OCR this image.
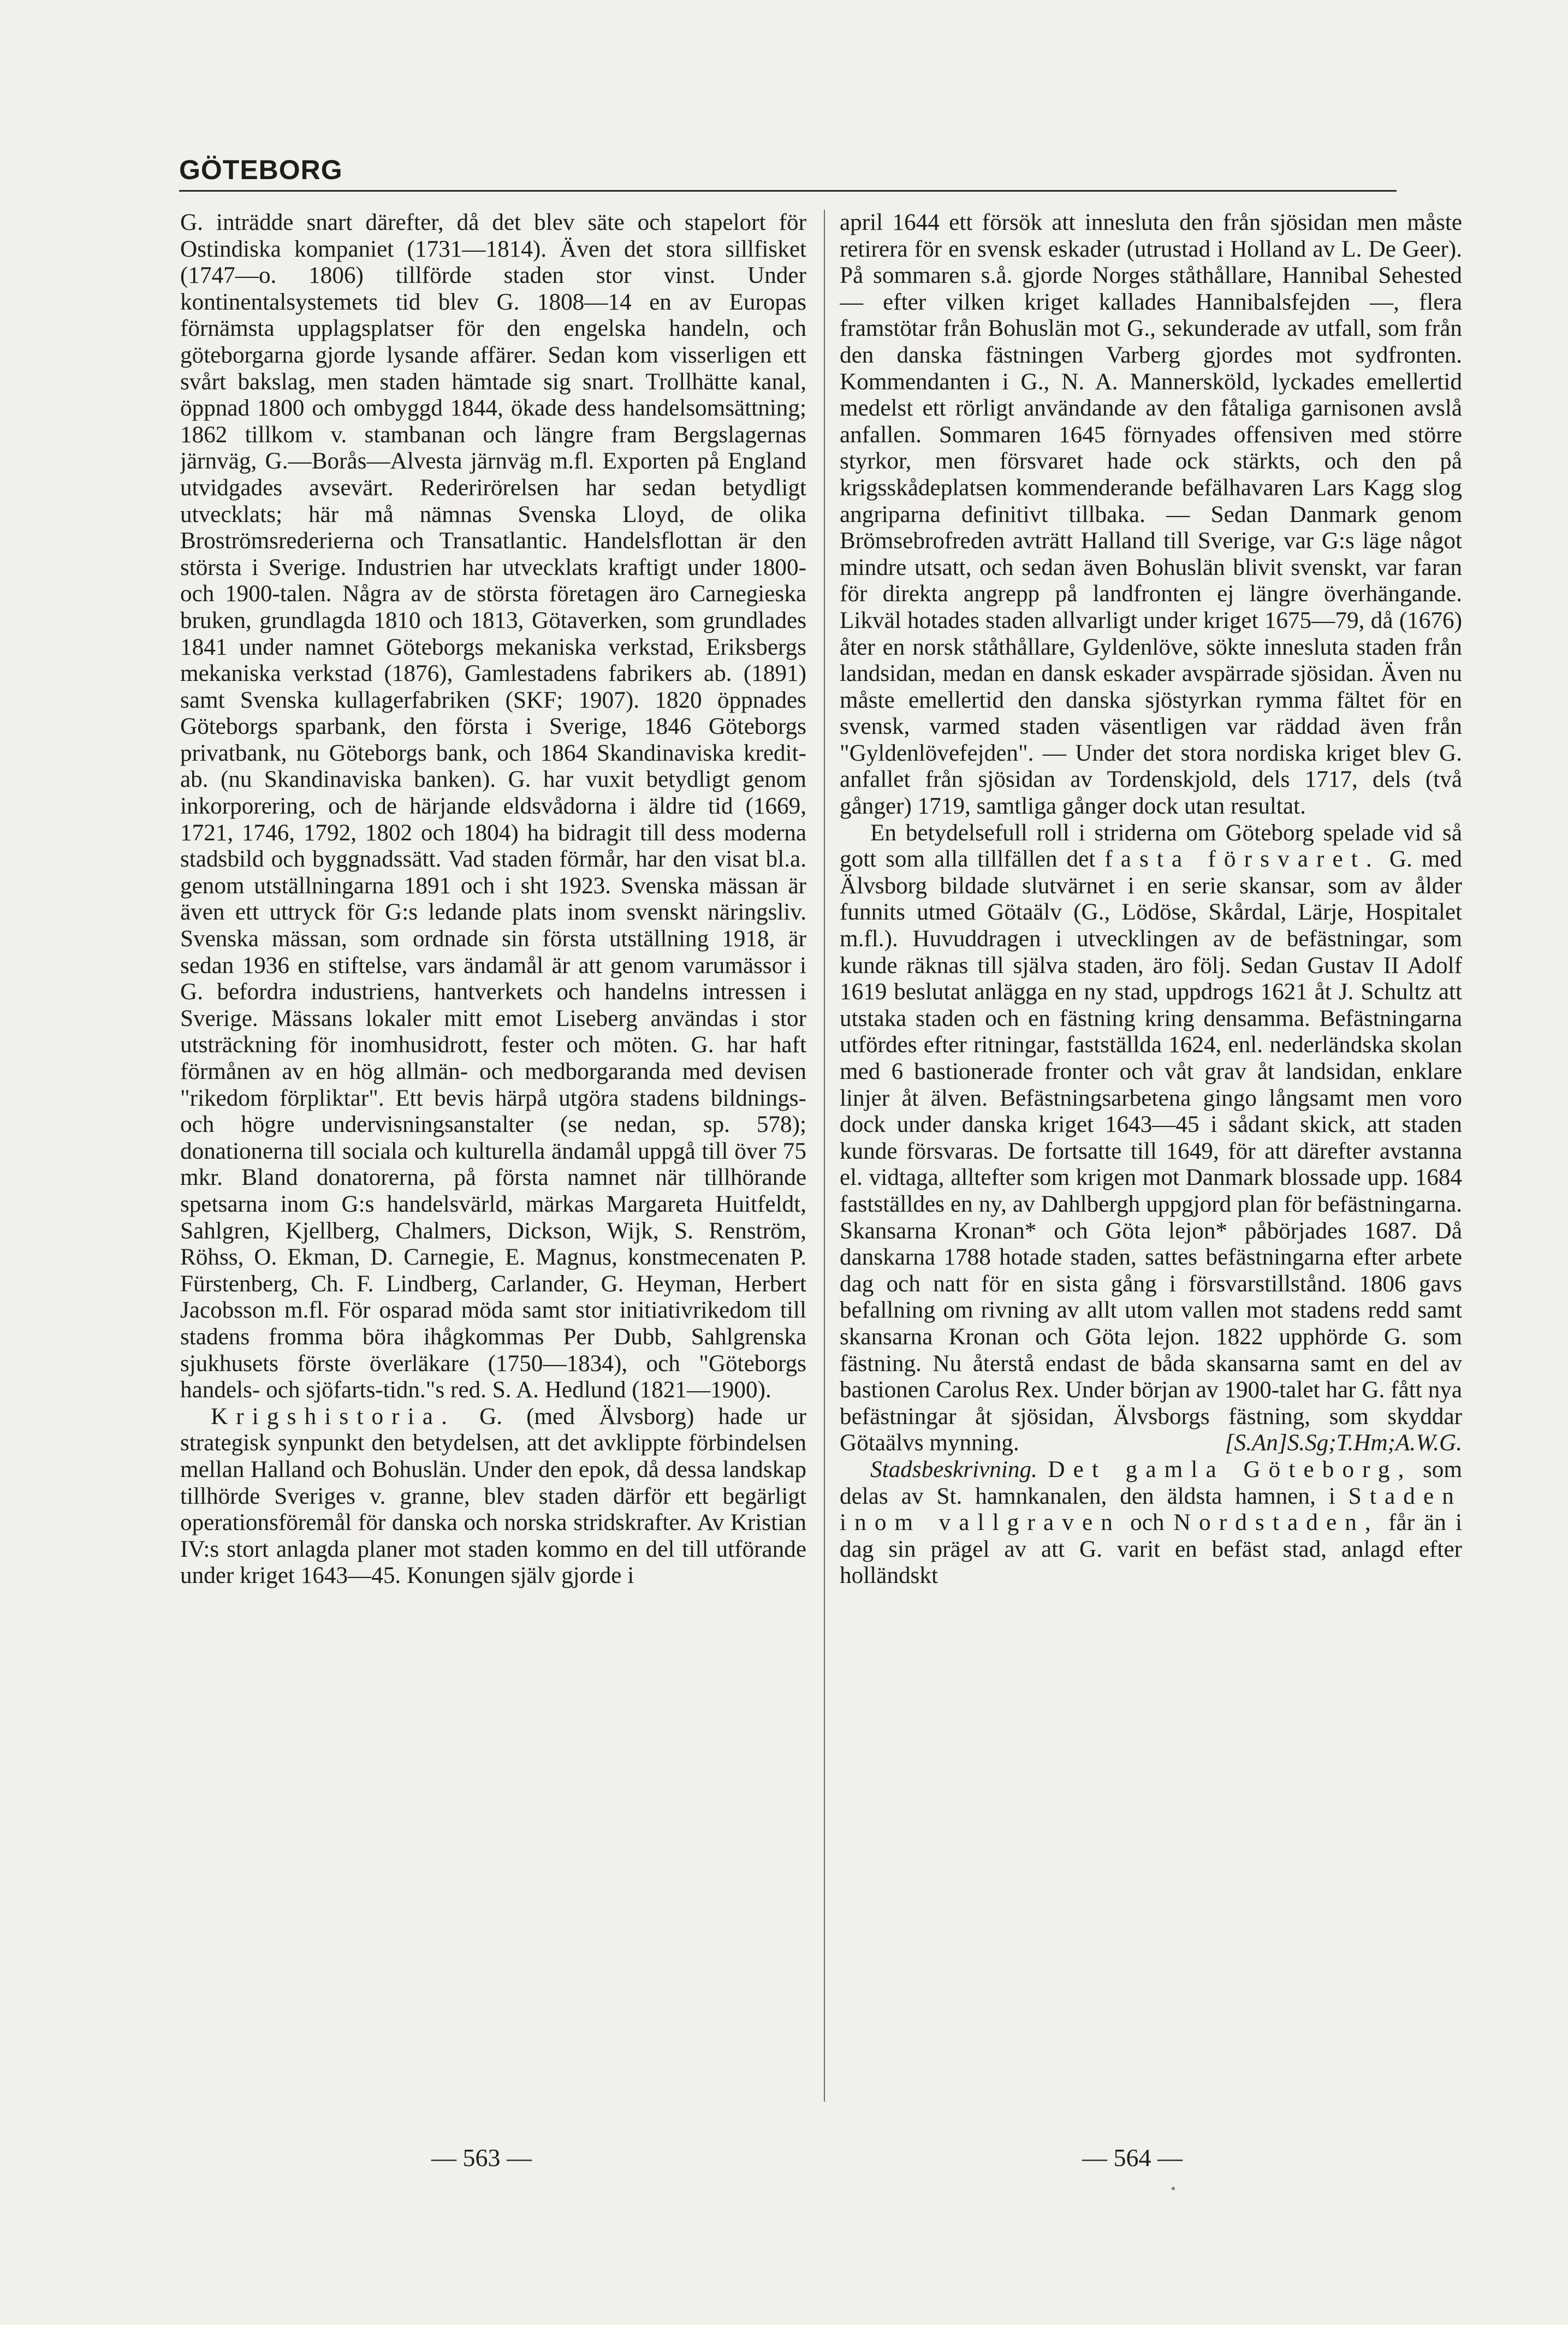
GÖTEBORG

G. inträdde snart därefter, då det blev säte och stapelort för Ostindiska kompaniet (1731—1814). Även det stora sillfisket (1747—o. 1806) tillförde staden stor vinst. Under kontinentalsystemets tid blev G. 1808—14 en av Europas förnämsta upplagsplatser för den engelska handeln, och göteborgarna gjorde lysande affärer. Sedan kom visserligen ett svårt bakslag, men staden hämtade sig snart. Trollhätte kanal, öppnad 1800 och ombyggd 1844, ökade dess handelsomsättning; 1862 tillkom v. stambanan och längre fram Bergslagernas järnväg, G.—Borås—Alvesta järnväg m.fl. Exporten på England utvidgades avsevärt. Rederirörelsen har sedan betydligt utvecklats; här må nämnas Svenska Lloyd, de olika Broströmsrederierna och Transatlantic. Handelsflottan är den största i Sverige. Industrien har utvecklats kraftigt under 1800- och 1900-talen. Några av de största företagen äro Carnegieska bruken, grundlagda 1810 och 1813, Götaverken, som grundlades 1841 under namnet Göteborgs mekaniska verkstad, Eriksbergs mekaniska verkstad (1876), Gamlestadens fabrikers ab. (1891) samt Svenska kullagerfabriken (SKF; 1907). 1820 öppnades Göteborgs sparbank, den första i Sverige, 1846 Göteborgs privatbank, nu Göteborgs bank, och 1864 Skandinaviska kredit-ab. (nu Skandinaviska banken). G. har vuxit betydligt genom inkorporering, och de härjande eldsvådorna i äldre tid (1669, 1721, 1746, 1792, 1802 och 1804) ha bidragit till dess moderna stadsbild och byggnadssätt. Vad staden förmår, har den visat bl.a. genom utställningarna 1891 och i sht 1923. Svenska mässan är även ett uttryck för G:s ledande plats inom svenskt näringsliv. Svenska mässan, som ordnade sin första utställning 1918, är sedan 1936 en stiftelse, vars ändamål är att genom varumässor i G. befordra industriens, hantverkets och handelns intressen i Sverige. Mässans lokaler mitt emot Liseberg användas i stor utsträckning för inomhusidrott, fester och möten. G. har haft förmånen av en hög allmän- och medborgaranda med devisen "rikedom förpliktar". Ett bevis härpå utgöra stadens bildnings- och högre undervisningsanstalter (se nedan, sp. 578); donationerna till sociala och kulturella ändamål uppgå till över 75 mkr. Bland donatorerna, på första namnet när tillhörande spetsarna inom G:s handelsvärld, märkas Margareta Huitfeldt, Sahlgren, Kjellberg, Chalmers, Dickson, Wijk, S. Renström, Röhss, O. Ekman, D. Carnegie, E. Magnus, konstmecenaten P. Fürstenberg, Ch. F. Lindberg, Carlander, G. Heyman, Herbert Jacobsson m.fl. För osparad möda samt stor initiativrikedom till stadens fromma böra ihågkommas Per Dubb, Sahlgrenska sjukhusets förste överläkare (1750—1834), och "Göteborgs handels- och sjöfarts-tidn."s red. S. A. Hedlund (1821—1900).

Krigshistoria. G. (med Älvsborg) hade ur strategisk synpunkt den betydelsen, att det avklippte förbindelsen mellan Halland och Bohuslän. Under den epok, då dessa landskap tillhörde Sveriges v. granne, blev staden därför ett begärligt operationsföremål för danska och norska stridskrafter. Av Kristian IV:s stort anlagda planer mot staden kommo en del till utförande under kriget 1643—45. Konungen själv gjorde i

april 1644 ett försök att innesluta den från sjösidan men måste retirera för en svensk eskader (utrustad i Holland av L. De Geer). På sommaren s.å. gjorde Norges ståthållare, Hannibal Sehested — efter vilken kriget kallades Hannibalsfejden —, flera framstötar från Bohuslän mot G., sekunderade av utfall, som från den danska fästningen Varberg gjordes mot sydfronten. Kommendanten i G., N. A. Mannersköld, lyckades emellertid medelst ett rörligt användande av den fåtaliga garnisonen avslå anfallen. Sommaren 1645 förnyades offensiven med större styrkor, men försvaret hade ock stärkts, och den på krigsskådeplatsen kommenderande befälhavaren Lars Kagg slog angriparna definitivt tillbaka. — Sedan Danmark genom Brömsebrofreden avträtt Halland till Sverige, var G:s läge något mindre utsatt, och sedan även Bohuslän blivit svenskt, var faran för direkta angrepp på landfronten ej längre överhängande. Likväl hotades staden allvarligt under kriget 1675—79, då (1676) åter en norsk ståthållare, Gyldenlöve, sökte innesluta staden från landsidan, medan en dansk eskader avspärrade sjösidan. Även nu måste emellertid den danska sjöstyrkan rymma fältet för en svensk, varmed staden väsentligen var räddad även från "Gyldenlövefejden". — Under det stora nordiska kriget blev G. anfallet från sjösidan av Tordenskjold, dels 1717, dels (två gånger) 1719, samtliga gånger dock utan resultat.

En betydelsefull roll i striderna om Göteborg spelade vid så gott som alla tillfällen det fasta försvaret. G. med Älvsborg bildade slutvärnet i en serie skansar, som av ålder funnits utmed Götaälv (G., Lödöse, Skårdal, Lärje, Hospitalet m.fl.). Huvuddragen i utvecklingen av de befästningar, som kunde räknas till själva staden, äro följ. Sedan Gustav II Adolf 1619 beslutat anlägga en ny stad, uppdrogs 1621 åt J. Schultz att utstaka staden och en fästning kring densamma. Befästningarna utfördes efter ritningar, fastställda 1624, enl. nederländska skolan med 6 bastionerade fronter och våt grav åt landsidan, enklare linjer åt älven. Befästningsarbetena gingo långsamt men voro dock under danska kriget 1643—45 i sådant skick, att staden kunde försvaras. De fortsatte till 1649, för att därefter avstanna el. vidtaga, alltefter som krigen mot Danmark blossade upp. 1684 fastställdes en ny, av Dahlbergh uppgjord plan för befästningarna. Skansarna Kronan* och Göta lejon* påbörjades 1687. Då danskarna 1788 hotade staden, sattes befästningarna efter arbete dag och natt för en sista gång i försvarstillstånd. 1806 gavs befallning om rivning av allt utom vallen mot stadens redd samt skansarna Kronan och Göta lejon. 1822 upphörde G. som fästning. Nu återstå endast de båda skansarna samt en del av bastionen Carolus Rex. Under början av 1900-talet har G. fått nya befästningar åt sjösidan, Älvsborgs fästning, som skyddar Götaälvs mynning.	[S.An]S.Sg;T.Hm;A.W.G.

Stadsbeskrivning. Det gamla Göteborg, som delas av St. hamnkanalen, den äldsta hamnen, i Staden inom vallgraven och Nordstaden, får än i dag sin prägel av att G. varit en befäst stad, anlagd efter holländskt

— 563 —	— 564 —
